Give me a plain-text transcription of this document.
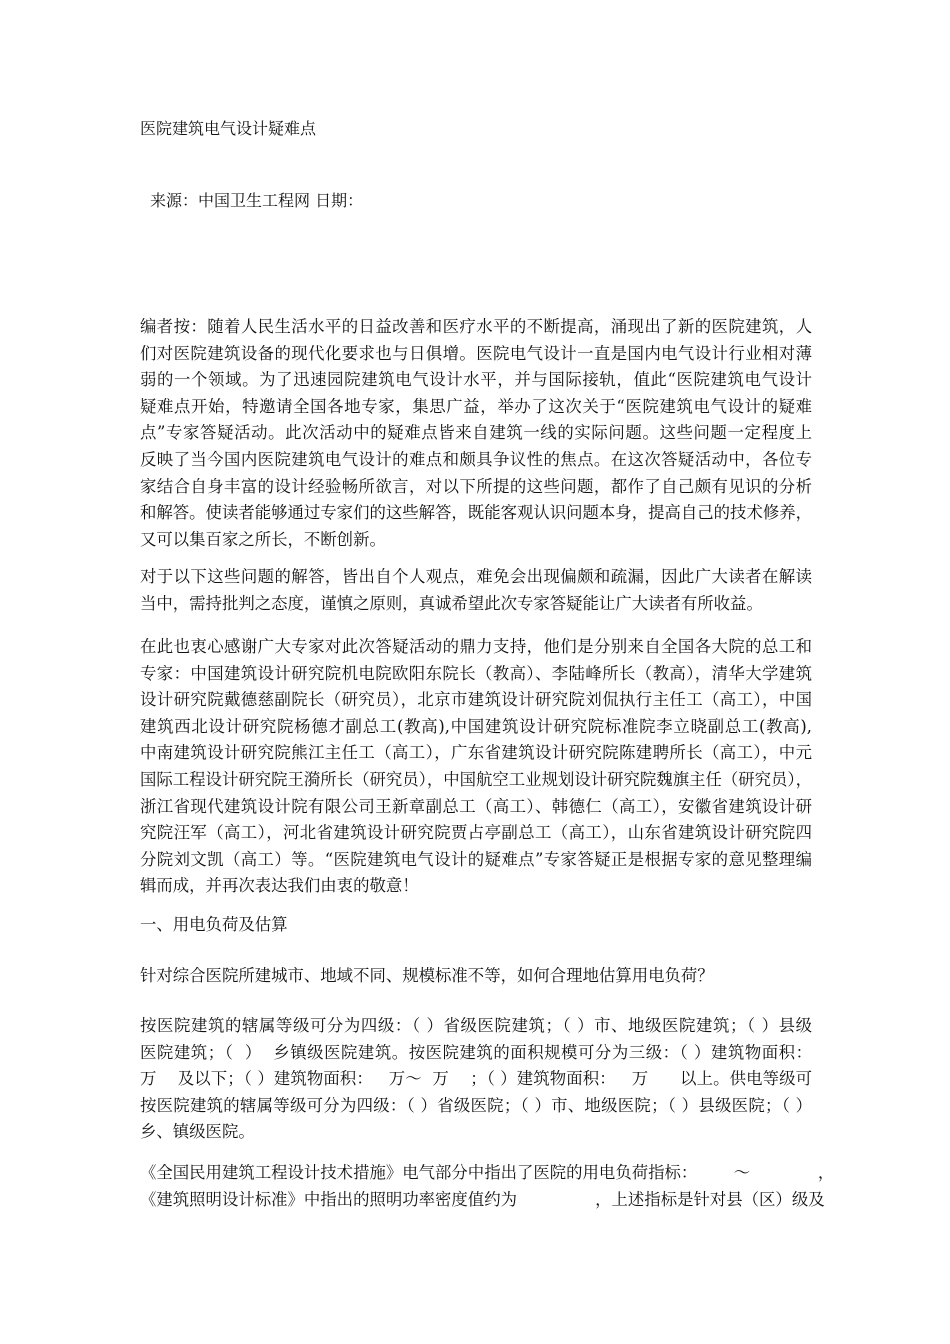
医院建筑电气设计疑难点
来源：中国卫生工程网 日期：

编者按：随着人民生活水平的日益改善和医疗水平的不断提高，涌现出了新的医院建筑，人
们对医院建筑设备的现代化要求也与日俱增。医院电气设计一直是国内电气设计行业相对薄
弱的一个领域。为了迅速园院建筑电气设计水平，并与国际接轨，值此“医院建筑电气设计
疑难点开始，特邀请全国各地专家，集思广益，举办了这次关于“医院建筑电气设计的疑难
点”专家答疑活动。此次活动中的疑难点皆来自建筑一线的实际问题。这些问题一定程度上
反映了当今国内医院建筑电气设计的难点和颇具争议性的焦点。在这次答疑活动中，各位专
家结合自身丰富的设计经验畅所欲言，对以下所提的这些问题，都作了自己颇有见识的分析
和解答。使读者能够通过专家们的这些解答，既能客观认识问题本身，提高自己的技术修养，
又可以集百家之所长，不断创新。

对于以下这些问题的解答，皆出自个人观点，难免会出现偏颇和疏漏，因此广大读者在解读
当中，需持批判之态度，谨慎之原则，真诚希望此次专家答疑能让广大读者有所收益。

在此也衷心感谢广大专家对此次答疑活动的鼎力支持，他们是分别来自全国各大院的总工和
专家：中国建筑设计研究院机电院欧阳东院长（教高）、李陆峰所长（教高），清华大学建筑
设计研究院戴德慈副院长（研究员），北京市建筑设计研究院刘侃执行主任工（高工），中国
建筑西北设计研究院杨德才副总工(教高),中国建筑设计研究院标准院李立晓副总工(教高),
中南建筑设计研究院熊江主任工（高工），广东省建筑设计研究院陈建聘所长（高工），中元
国际工程设计研究院王漪所长（研究员），中国航空工业规划设计研究院魏旗主任（研究员），
浙江省现代建筑设计院有限公司王新章副总工（高工）、韩德仁（高工），安徽省建筑设计研
究院汪军（高工），河北省建筑设计研究院贾占亭副总工（高工），山东省建筑设计研究院四
分院刘文凯（高工）等。“医院建筑电气设计的疑难点”专家答疑正是根据专家的意见整理编
辑而成，并再次表达我们由衷的敬意！

一、用电负荷及估算
针对综合医院所建城市、地域不同、规模标准不等，如何合理地估算用电负荷？

按医院建筑的辖属等级可分为四级：（ ）省级医院建筑；（ ）市、地级医院建筑；（ ）县级
医院建筑；（  ）  乡镇级医院建筑。按医院建筑的面积规模可分为三级：（ ）建筑物面积：
万    及以下；（ ）建筑物面积：   万～  万    ；（ ）建筑物面积：   万      以上。供电等级可
按医院建筑的辖属等级可分为四级：（ ）省级医院；（ ）市、地级医院；（ ）县级医院；（ ）
乡、镇级医院。

《全国民用建筑工程设计技术措施》电气部分中指出了医院的用电负荷指标：       ～             ，
《建筑照明设计标准》中指出的照明功率密度值约为               ，上述指标是针对县（区）级及
